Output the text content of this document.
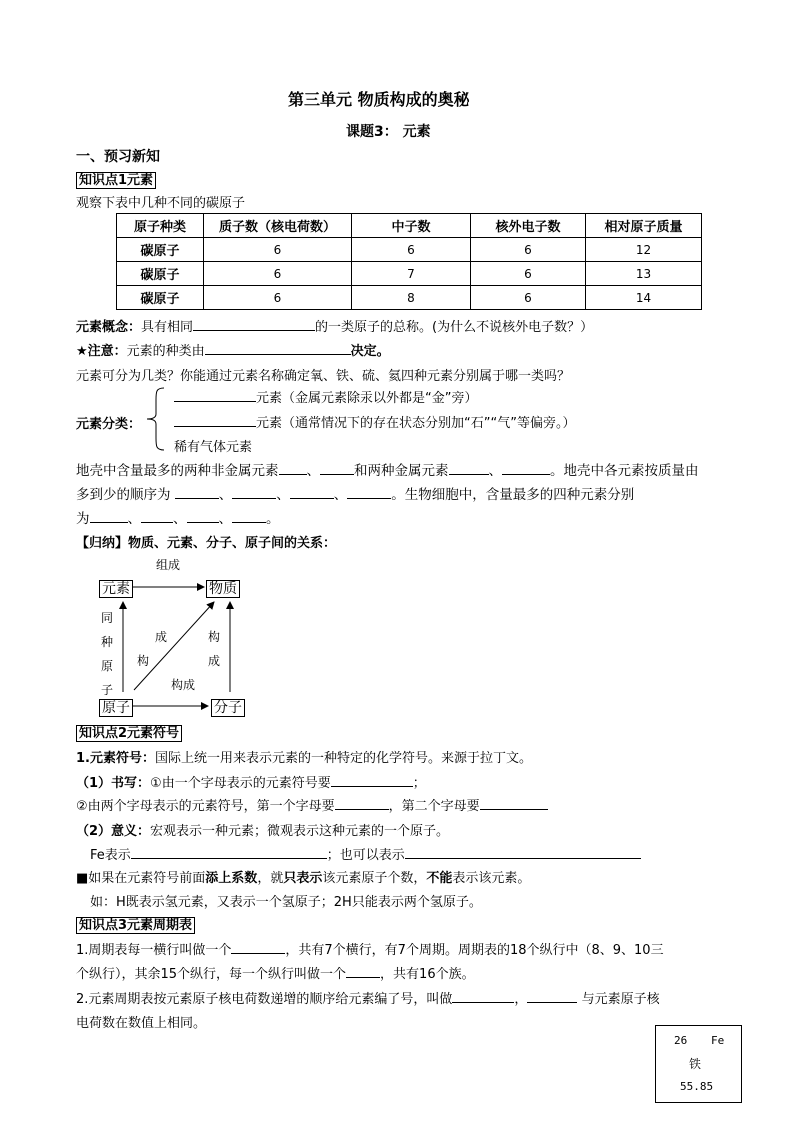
第三单元 物质构成的奥秘
课题3： 元素
一、预习新知
知识点1元素
观察下表中几种不同的碳原子
原子种类	质子数（核电荷数）	中子数	核外电子数	相对原子质量
碳原子	6	6	6	12
碳原子	6	7	6	13
碳原子	6	8	6	14
元素概念：具有相同	的一类原子的总称。(为什么不说核外电子数？）
★注意：元素的种类由	决定。
元素可分为几类？你能通过元素名称确定氧、铁、硫、氦四种元素分别属于哪一类吗？
元素分类：
元素（金属元素除汞以外都是“金”旁）
元素（通常情况下的存在状态分别加“石”“气”等偏旁。）
稀有气体元素
地壳中含量最多的两种非金属元素 、	和两种金属元素	、	。地壳中各元素按质量由
多到少的顺序为	、	、	、	。生物细胞中，含量最多的四种元素分别
为	、 、 、	。
【归纳】物质、元素、分子、原子间的关系：
组成
元素	物质
原子	分子
同
种
原
子
成
构
构
成
构成
知识点2元素符号
1.元素符号：国际上统一用来表示元素的一种特定的化学符号。来源于拉丁文。
（1）书写：①由一个字母表示的元素符号要	；
②由两个字母表示的元素符号，第一个字母要	，第二个字母要
（2）意义：宏观表示一种元素；微观表示这种元素的一个原子。
Fe表示	；也可以表示
■如果在元素符号前面添上系数，就只表示该元素原子个数，不能表示该元素。
如：H既表示氢元素，又表示一个氢原子；2H只能表示两个氢原子。
知识点3元素周期表
1.周期表每一横行叫做一个	，共有7个横行，有7个周期。周期表的18个纵行中（8、9、10三
个纵行），其余15个纵行，每一个纵行叫做一个	，共有16个族。
2.元素周期表按元素原子核电荷数递增的顺序给元素编了号，叫做	，	与元素原子核
电荷数在数值上相同。
26 Fe
铁
55.85
